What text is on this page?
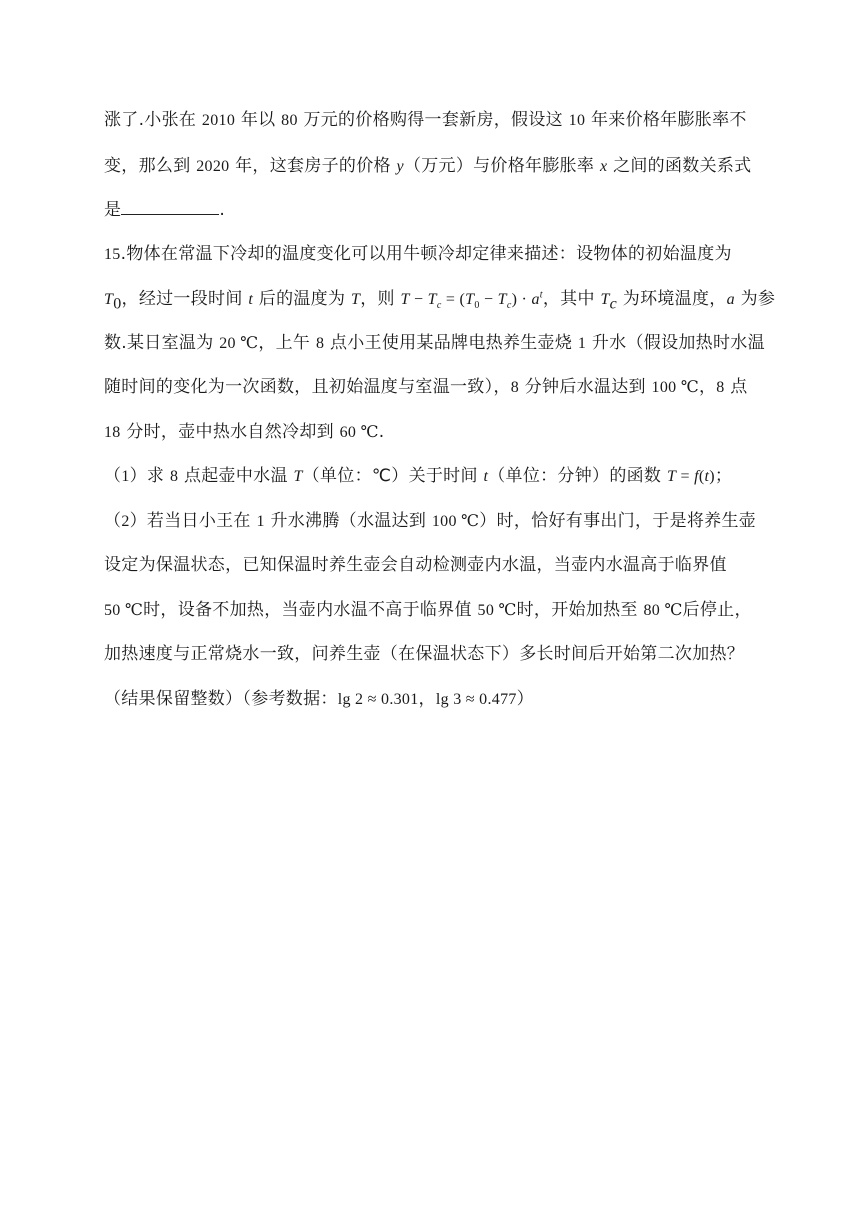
涨了.小张在 2010 年以 80 万元的价格购得一套新房，假设这 10 年来价格年膨胀率不
变，那么到 2020 年，这套房子的价格 y（万元）与价格年膨胀率 x 之间的函数关系式
是	.
15.物体在常温下冷却的温度变化可以用牛顿冷却定律来描述：设物体的初始温度为
$T_0$，经过一段时间 t 后的温度为 T，则 $T - T_c = (T_0 - T_c) \cdot a^t$，其中 $T_c$ 为环境温度，a 为参
数.某日室温为 20 ℃，上午 8 点小王使用某品牌电热养生壶烧 1 升水（假设加热时水温
随时间的变化为一次函数，且初始温度与室温一致），8 分钟后水温达到 100 ℃，8 点
18 分时，壶中热水自然冷却到 60 ℃.
（1）求 8 点起壶中水温 T（单位：℃）关于时间 t（单位：分钟）的函数 T = f(t)；
（2）若当日小王在 1 升水沸腾（水温达到 100 ℃）时，恰好有事出门，于是将养生壶
设定为保温状态，已知保温时养生壶会自动检测壶内水温，当壶内水温高于临界值
50 ℃时，设备不加热，当壶内水温不高于临界值 50 ℃时，开始加热至 80 ℃后停止，
加热速度与正常烧水一致，问养生壶（在保温状态下）多长时间后开始第二次加热？
（结果保留整数）（参考数据：lg 2 ≈ 0.301，lg 3 ≈ 0.477）
